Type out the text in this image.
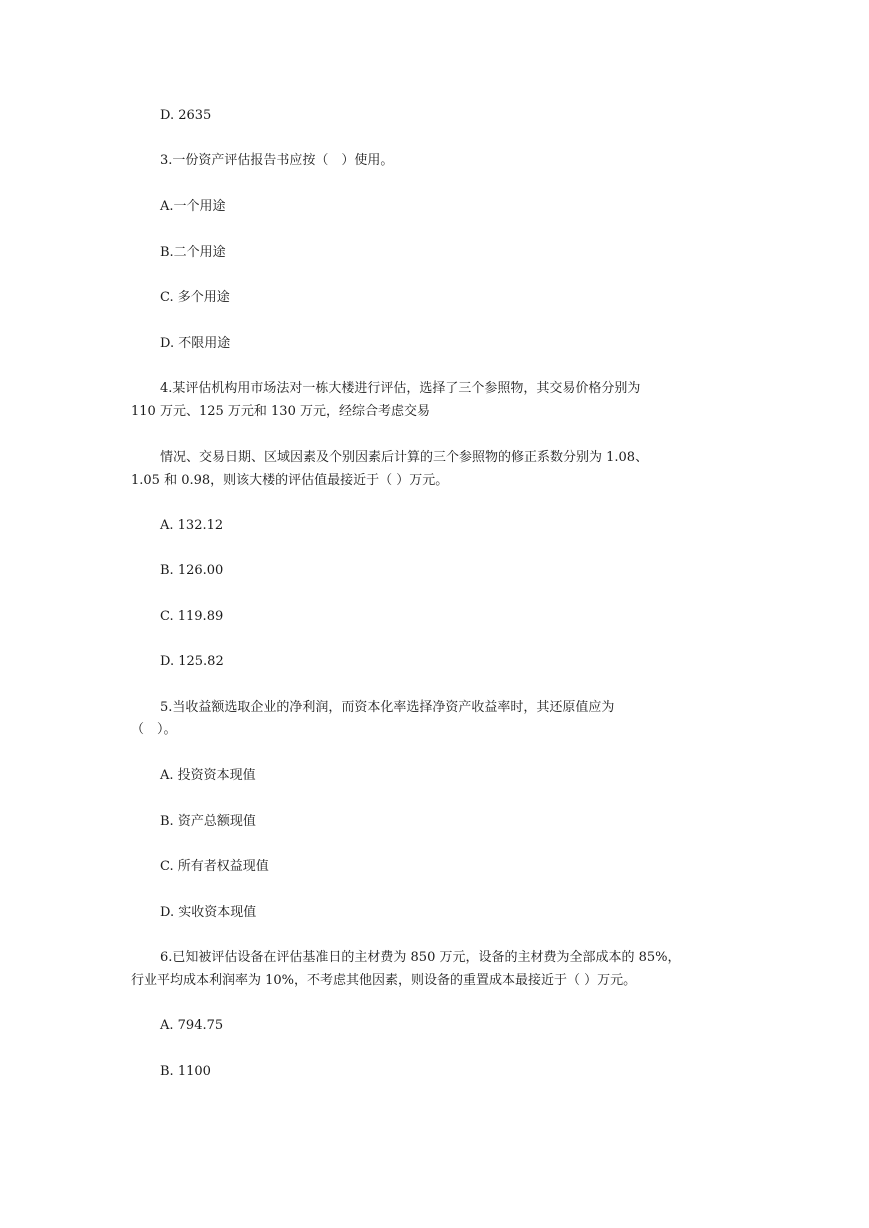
D. 2635
3.一份资产评估报告书应按（　）使用。
A.一个用途
B.二个用途
C. 多个用途
D. 不限用途
4.某评估机构用市场法对一栋大楼进行评估，选择了三个参照物，其交易价格分别为
110 万元、125 万元和 130 万元，经综合考虑交易
情况、交易日期、区域因素及个别因素后计算的三个参照物的修正系数分别为 1.08、
1.05 和 0.98，则该大楼的评估值最接近于（ ）万元。
A. 132.12
B. 126.00
C. 119.89
D. 125.82
5.当收益额选取企业的净利润，而资本化率选择净资产收益率时，其还原值应为
（　）。
A. 投资资本现值
B. 资产总额现值
C. 所有者权益现值
D. 实收资本现值
6.已知被评估设备在评估基准日的主材费为 850 万元，设备的主材费为全部成本的 85%，
行业平均成本利润率为 10%，不考虑其他因素，则设备的重置成本最接近于（ ）万元。
A. 794.75
B. 1100
